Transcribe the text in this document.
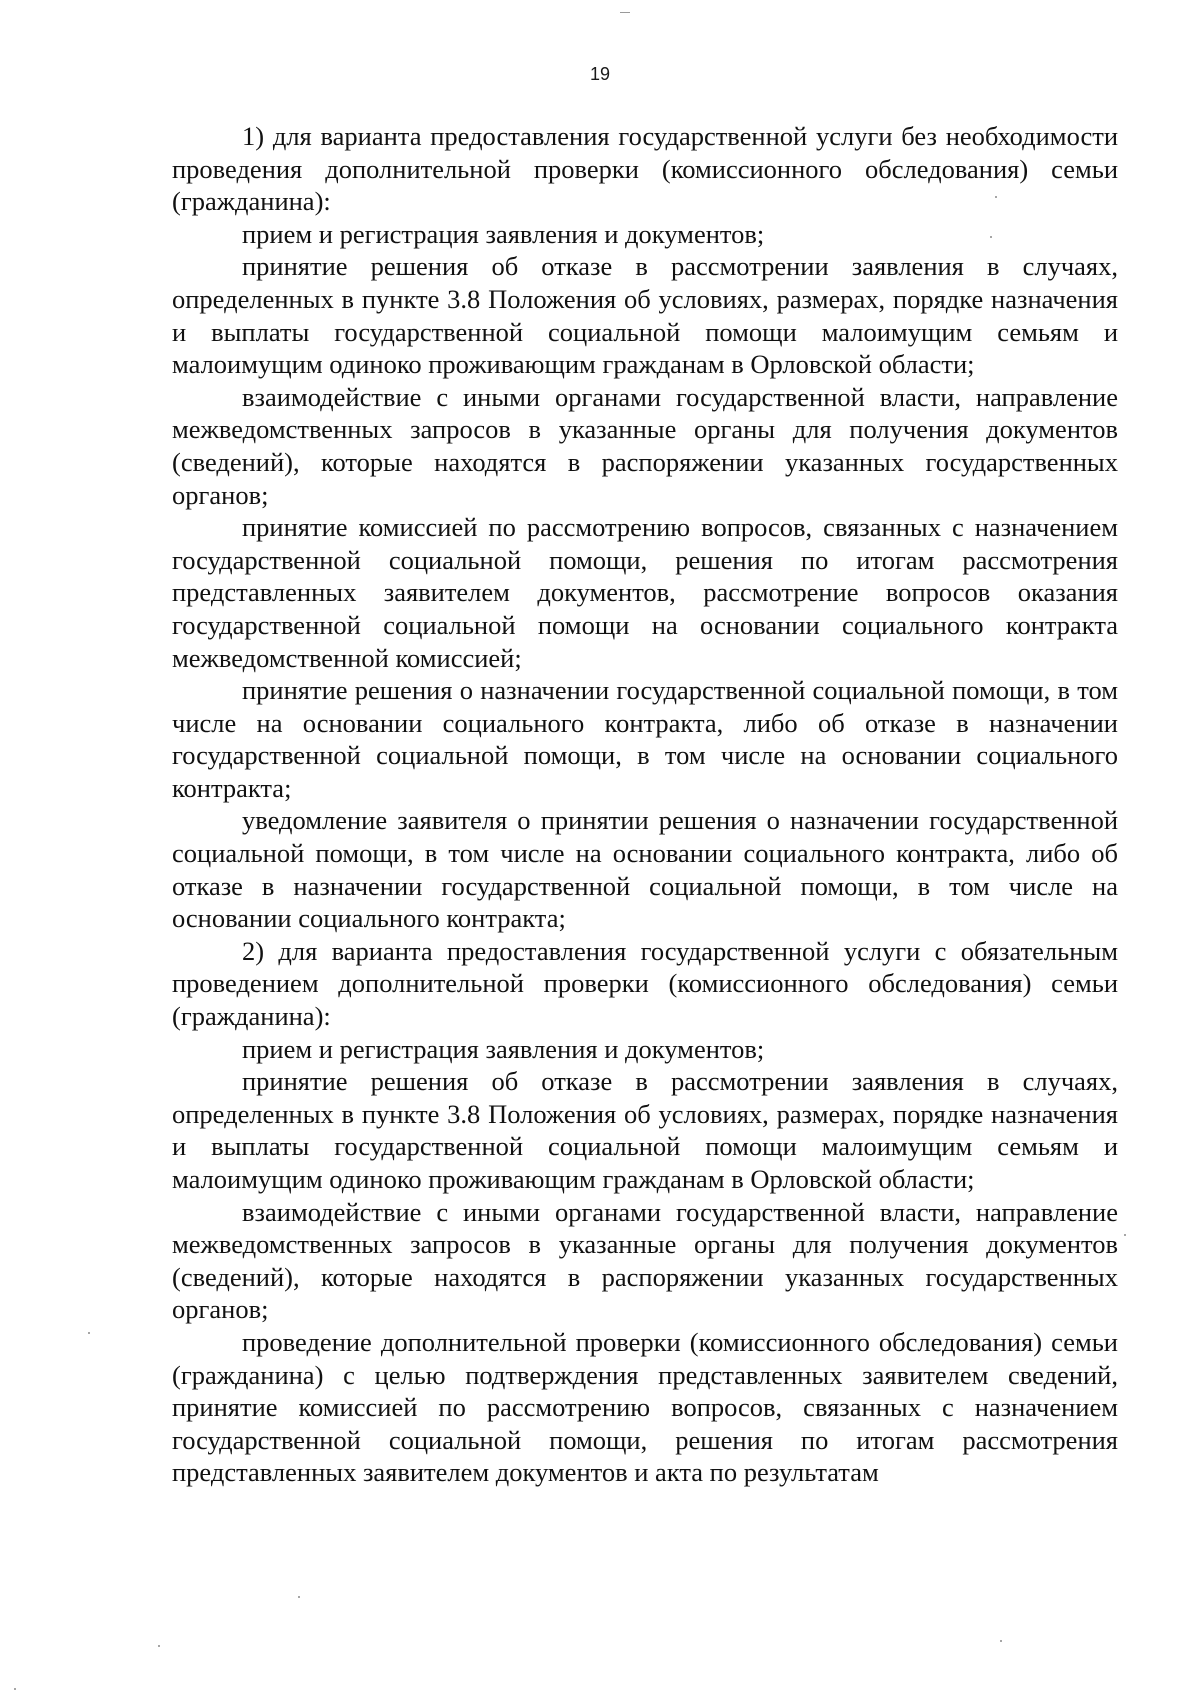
19

1) для варианта предоставления государственной услуги без необходимости проведения дополнительной проверки (комиссионного обследования) семьи (гражданина):

прием и регистрация заявления и документов;

принятие решения об отказе в рассмотрении заявления в случаях, определенных в пункте 3.8 Положения об условиях, размерах, порядке назначения и выплаты государственной социальной помощи малоимущим семьям и малоимущим одиноко проживающим гражданам в Орловской области;

взаимодействие с иными органами государственной власти, направление межведомственных запросов в указанные органы для получения документов (сведений), которые находятся в распоряжении указанных государственных органов;

принятие комиссией по рассмотрению вопросов, связанных с назначением государственной социальной помощи, решения по итогам рассмотрения представленных заявителем документов, рассмотрение вопросов оказания государственной социальной помощи на основании социального контракта межведомственной комиссией;

принятие решения о назначении государственной социальной помощи, в том числе на основании социального контракта, либо об отказе в назначении государственной социальной помощи, в том числе на основании социального контракта;

уведомление заявителя о принятии решения о назначении государственной социальной помощи, в том числе на основании социального контракта, либо об отказе в назначении государственной социальной помощи, в том числе на основании социального контракта;

2) для варианта предоставления государственной услуги с обязательным проведением дополнительной проверки (комиссионного обследования) семьи (гражданина):

прием и регистрация заявления и документов;

принятие решения об отказе в рассмотрении заявления в случаях, определенных в пункте 3.8 Положения об условиях, размерах, порядке назначения и выплаты государственной социальной помощи малоимущим семьям и малоимущим одиноко проживающим гражданам в Орловской области;

взаимодействие с иными органами государственной власти, направление межведомственных запросов в указанные органы для получения документов (сведений), которые находятся в распоряжении указанных государственных органов;

проведение дополнительной проверки (комиссионного обследования) семьи (гражданина) с целью подтверждения представленных заявителем сведений, принятие комиссией по рассмотрению вопросов, связанных с назначением государственной социальной помощи, решения по итогам рассмотрения представленных заявителем документов и акта по результатам
